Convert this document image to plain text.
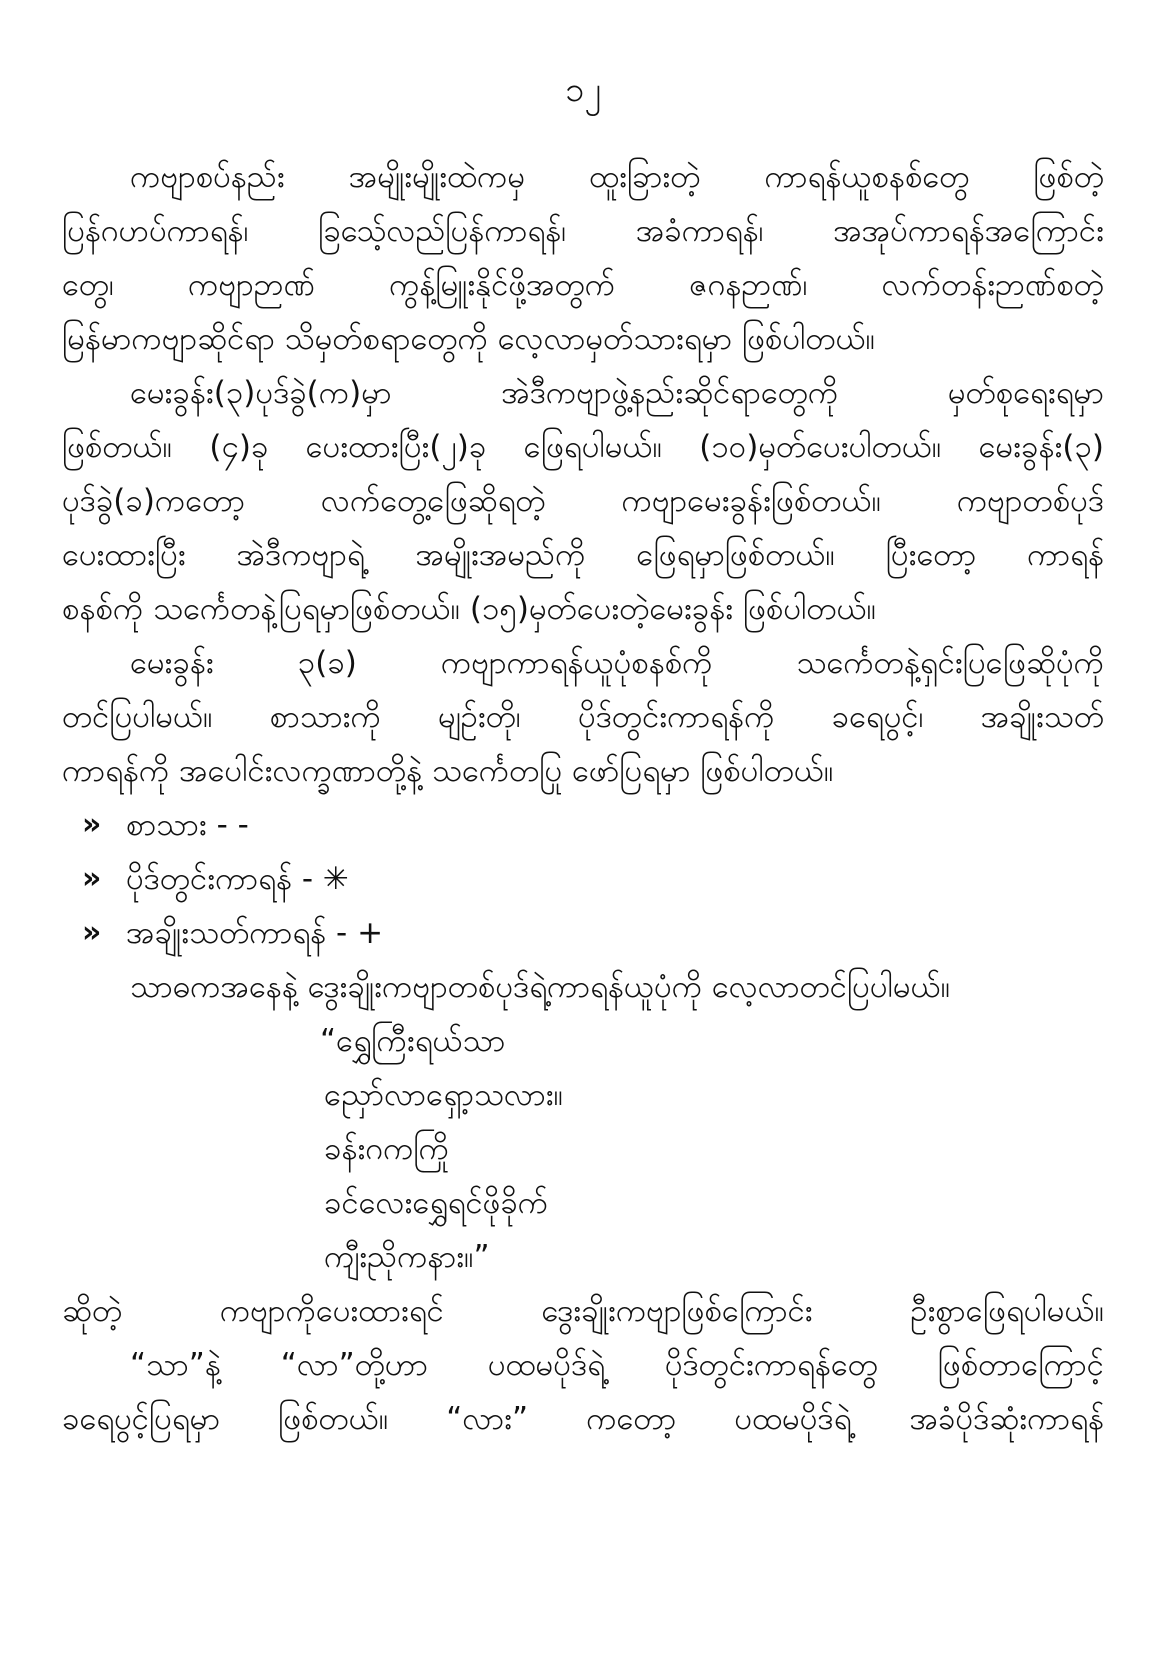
၁၂
ကဗျာစပ်နည်း အမျိုးမျိုးထဲကမှ ထူးခြားတဲ့ ကာရန်ယူစနစ်တွေ ဖြစ်တဲ့
ပြန်ဂဟပ်ကာရန်၊ ခြသေ့်လည်ပြန်ကာရန်၊ အခံကာရန်၊ အအုပ်ကာရန်အကြောင်း
တွေ၊ ကဗျာဉာဏ် ကွန့်မြူးနိုင်ဖို့အတွက် ဇဂနဉာဏ်၊ လက်တန်းဉာဏ်စတဲ့
မြန်မာကဗျာဆိုင်ရာ သိမှတ်စရာတွေကို လေ့လာမှတ်သားရမှာ ဖြစ်ပါတယ်။
မေးခွန်း(၃)ပုဒ်ခွဲ(က)မှာ အဲဒီကဗျာဖွဲ့နည်းဆိုင်ရာတွေကို မှတ်စုရေးရမှာ
ဖြစ်တယ်။ (၄)ခု ပေးထားပြီး(၂)ခု ဖြေရပါမယ်။ (၁၀)မှတ်ပေးပါတယ်။ မေးခွန်း(၃)
ပုဒ်ခွဲ(ခ)ကတော့ လက်တွေ့ဖြေဆိုရတဲ့ ကဗျာမေးခွန်းဖြစ်တယ်။ ကဗျာတစ်ပုဒ်
ပေးထားပြီး အဲဒီကဗျာရဲ့ အမျိုးအမည်ကို ဖြေရမှာဖြစ်တယ်။ ပြီးတော့ ကာရန်
စနစ်ကို သင်္ကေတနဲ့ပြရမှာဖြစ်တယ်။ (၁၅)မှတ်ပေးတဲ့မေးခွန်း ဖြစ်ပါတယ်။
မေးခွန်း ၃(ခ) ကဗျာကာရန်ယူပုံစနစ်ကို သင်္ကေတနဲ့ရှင်းပြဖြေဆိုပုံကို
တင်ပြပါမယ်။ စာသားကို မျဉ်းတို၊ ပိုဒ်တွင်းကာရန်ကို ခရေပွင့်၊ အချိုးသတ်
ကာရန်ကို အပေါင်းလက္ခဏာတို့နဲ့ သင်္ကေတပြု ဖော်ပြရမှာ ဖြစ်ပါတယ်။
» စာသား - -
» ပိုဒ်တွင်းကာရန် - ✳
» အချိုးသတ်ကာရန် - +
သာဓကအနေနဲ့ ဒွေးချိုးကဗျာတစ်ပုဒ်ရဲ့ကာရန်ယူပုံကို လေ့လာတင်ပြပါမယ်။
“ရွှေကြီးရယ်သာ
ညှော်လာရှော့သလား။
ခန်းဂကကြို
ခင်လေးရွှေရင်ဖိုခိုက်
ကျီးညိုကနား။”
ဆိုတဲ့ ကဗျာကိုပေးထားရင် ဒွေးချိုးကဗျာဖြစ်ကြောင်း ဦးစွာဖြေရပါမယ်။
“သာ”နဲ့ “လာ”တို့ဟာ ပထမပိုဒ်ရဲ့ ပိုဒ်တွင်းကာရန်တွေ ဖြစ်တာကြောင့်
ခရေပွင့်ပြရမှာ ဖြစ်တယ်။ “လား” ကတော့ ပထမပိုဒ်ရဲ့ အခံပိုဒ်ဆုံးကာရန်
